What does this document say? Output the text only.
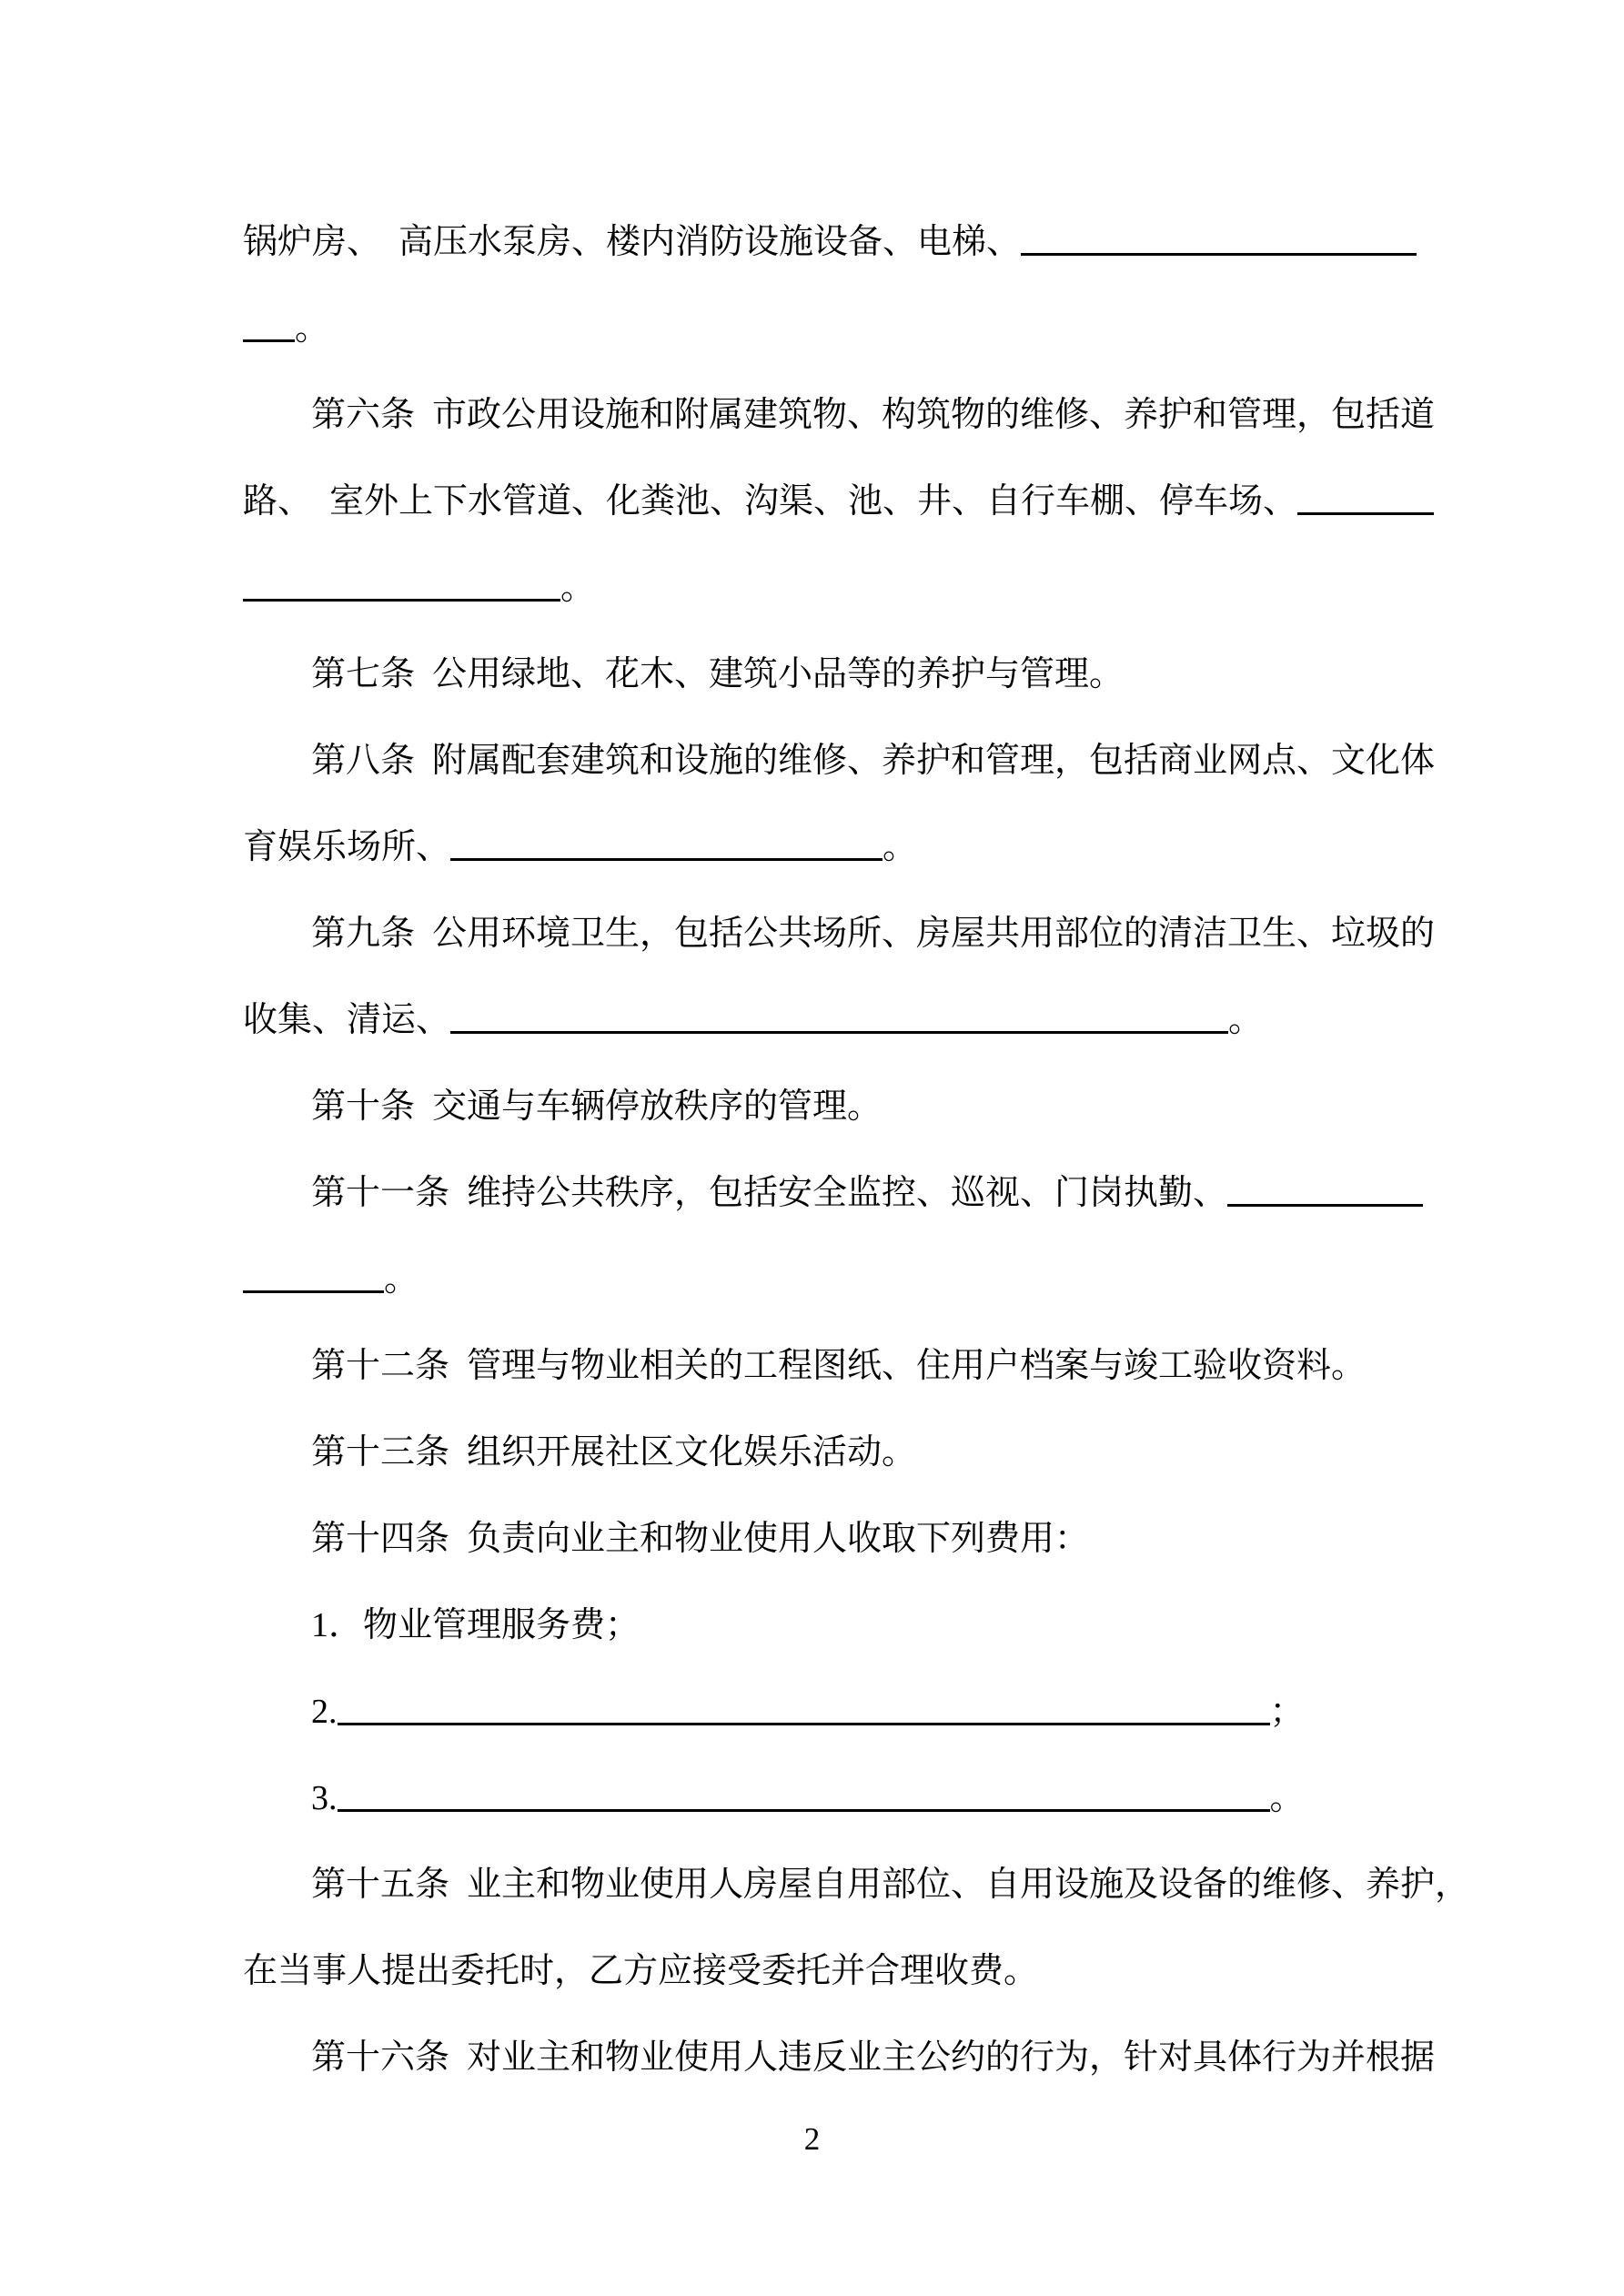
锅炉房、　高压水泵房、楼内消防设施设备、电梯、
。
第六条  市政公用设施和附属建筑物、构筑物的维修、养护和管理，包括道
路、　室外上下水管道、化粪池、沟渠、池、井、自行车棚、停车场、
。
第七条  公用绿地、花木、建筑小品等的养护与管理。
第八条  附属配套建筑和设施的维修、养护和管理，包括商业网点、文化体
育娱乐场所、	。
第九条  公用环境卫生，包括公共场所、房屋共用部位的清洁卫生、垃圾的
收集、清运、	。
第十条  交通与车辆停放秩序的管理。
第十一条  维持公共秩序，包括安全监控、巡视、门岗执勤、
。
第十二条  管理与物业相关的工程图纸、住用户档案与竣工验收资料。
第十三条  组织开展社区文化娱乐活动。
第十四条  负责向业主和物业使用人收取下列费用：
1．物业管理服务费；
2.	；
3.	。
第十五条  业主和物业使用人房屋自用部位、自用设施及设备的维修、养护，
在当事人提出委托时，乙方应接受委托并合理收费。
第十六条  对业主和物业使用人违反业主公约的行为，针对具体行为并根据
2
